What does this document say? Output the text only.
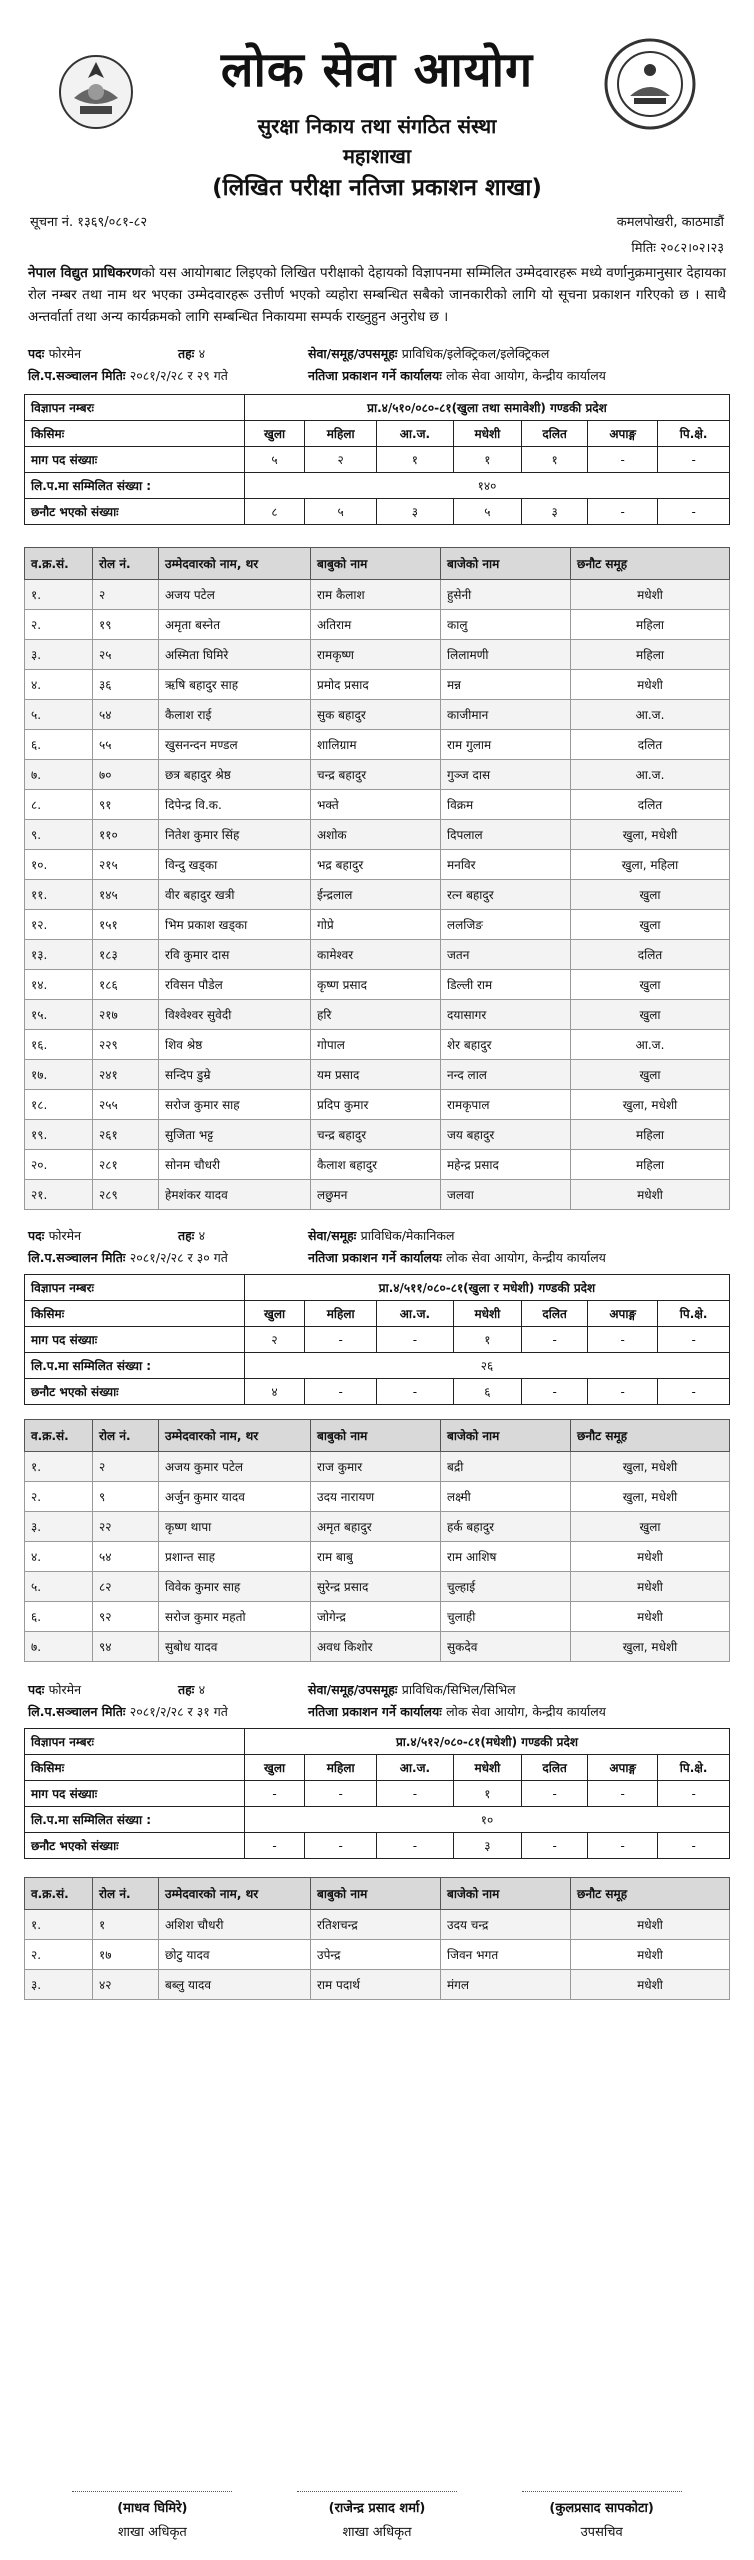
लोक सेवा आयोग
सुरक्षा निकाय तथा संगठित संस्था
महाशाखा
(लिखित परीक्षा नतिजा प्रकाशन शाखा)
सूचना नं. १३६९/०८१-८२	कमलपोखरी, काठमाडौं
मितिः २०८२।०२।२३

नेपाल विद्युत प्राधिकरणको यस आयोगबाट लिइएको लिखित परीक्षाको देहायको विज्ञापनमा सम्मिलित उम्मेदवारहरू मध्ये वर्णानुक्रमानुसार देहायका रोल नम्बर तथा नाम थर भएका उम्मेदवारहरू उत्तीर्ण भएको व्यहोरा सम्बन्धित सबैको जानकारीको लागि यो सूचना प्रकाशन गरिएको छ । साथै अन्तर्वार्ता तथा अन्य कार्यक्रमको लागि सम्बन्धित निकायमा सम्पर्क राख्नुहुन अनुरोध छ ।

पदः फोरमेन	तहः ४	सेवा/समूह/उपसमूहः प्राविधिक/इलेक्ट्रिकल/इलेक्ट्रिकल
लि.प.सञ्चालन मितिः २०८१/२/२८ र २९ गते	नतिजा प्रकाशन गर्ने कार्यालयः लोक सेवा आयोग, केन्द्रीय कार्यालय
विज्ञापन नम्बरः	प्रा.४/५१०/०८०-८१(खुला तथा समावेशी) गण्डकी प्रदेश						
किसिमः	खुला	महिला	आ.ज.	मधेशी	दलित	अपाङ्ग	पि.क्षे.
माग पद संख्याः	५	२	१	१	१	-	-
लि.प.मा सम्मिलित संख्या :	१४०						
छनौट भएको संख्याः	८	५	३	५	३	-	-
व.क्र.सं.	रोल नं.	उम्मेदवारको नाम, थर	बाबुको नाम	बाजेको नाम	छनौट समूह
१.	२	अजय पटेल	राम कैलाश	हुसेनी	मधेशी
२.	१९	अमृता बस्नेत	अतिराम	कालु	महिला
३.	२५	अस्मिता घिमिरे	रामकृष्ण	लिलामणी	महिला
४.	३६	ऋषि बहादुर साह	प्रमोद प्रसाद	मन्न	मधेशी
५.	५४	कैलाश राई	सुक बहादुर	काजीमान	आ.ज.
६.	५५	खुसनन्दन मण्डल	शालिग्राम	राम गुलाम	दलित
७.	७०	छत्र बहादुर श्रेष्ठ	चन्द्र बहादुर	गुञ्ज दास	आ.ज.
८.	९१	दिपेन्द्र वि.क.	भक्ते	विक्रम	दलित
९.	११०	नितेश कुमार सिंह	अशोक	दिपलाल	खुला, मधेशी
१०.	२१५	विन्दु खड्का	भद्र बहादुर	मनविर	खुला, महिला
११.	१४५	वीर बहादुर खत्री	ईन्द्रलाल	रत्न बहादुर	खुला
१२.	१५१	भिम प्रकाश खड्का	गोप्रे	ललजिङ	खुला
१३.	१८३	रवि कुमार दास	कामेश्वर	जतन	दलित
१४.	१८६	रविसन पौडेल	कृष्ण प्रसाद	डिल्ली राम	खुला
१५.	२१७	विश्वेश्वर सुवेदी	हरि	दयासागर	खुला
१६.	२२९	शिव श्रेष्ठ	गोपाल	शेर बहादुर	आ.ज.
१७.	२४१	सन्दिप डुम्रे	यम प्रसाद	नन्द लाल	खुला
१८.	२५५	सरोज कुमार साह	प्रदिप कुमार	रामकृपाल	खुला, मधेशी
१९.	२६१	सुजिता भट्ट	चन्द्र बहादुर	जय बहादुर	महिला
२०.	२८१	सोनम चौधरी	कैलाश बहादुर	महेन्द्र प्रसाद	महिला
२१.	२८९	हेमशंकर यादव	लछुमन	जलवा	मधेशी
पदः फोरमेन	तहः ४	सेवा/समूहः प्राविधिक/मेकानिकल
लि.प.सञ्चालन मितिः २०८१/२/२८ र ३० गते	नतिजा प्रकाशन गर्ने कार्यालयः लोक सेवा आयोग, केन्द्रीय कार्यालय
विज्ञापन नम्बरः	प्रा.४/५११/०८०-८१(खुला र मधेशी) गण्डकी प्रदेश						
किसिमः	खुला	महिला	आ.ज.	मधेशी	दलित	अपाङ्ग	पि.क्षे.
माग पद संख्याः	२	-	-	१	-	-	-
लि.प.मा सम्मिलित संख्या :	२६						
छनौट भएको संख्याः	४	-	-	६	-	-	-
व.क्र.सं.	रोल नं.	उम्मेदवारको नाम, थर	बाबुको नाम	बाजेको नाम	छनौट समूह
१.	२	अजय कुमार पटेल	राज कुमार	बद्री	खुला, मधेशी
२.	९	अर्जुन कुमार यादव	उदय नारायण	लक्ष्मी	खुला, मधेशी
३.	२२	कृष्ण थापा	अमृत बहादुर	हर्क बहादुर	खुला
४.	५४	प्रशान्त साह	राम बाबु	राम आशिष	मधेशी
५.	८२	विवेक कुमार साह	सुरेन्द्र प्रसाद	चुल्हाई	मधेशी
६.	९२	सरोज कुमार महतो	जोगेन्द्र	चुलाही	मधेशी
७.	९४	सुबोध यादव	अवध किशोर	सुकदेव	खुला, मधेशी
पदः फोरमेन	तहः ४	सेवा/समूह/उपसमूहः प्राविधिक/सिभिल/सिभिल
लि.प.सञ्चालन मितिः २०८१/२/२८ र ३१ गते	नतिजा प्रकाशन गर्ने कार्यालयः लोक सेवा आयोग, केन्द्रीय कार्यालय
विज्ञापन नम्बरः	प्रा.४/५१२/०८०-८१(मधेशी) गण्डकी प्रदेश						
किसिमः	खुला	महिला	आ.ज.	मधेशी	दलित	अपाङ्ग	पि.क्षे.
माग पद संख्याः	-	-	-	१	-	-	-
लि.प.मा सम्मिलित संख्या :	१०						
छनौट भएको संख्याः	-	-	-	३	-	-	-
व.क्र.सं.	रोल नं.	उम्मेदवारको नाम, थर	बाबुको नाम	बाजेको नाम	छनौट समूह
१.	१	अशिश चौधरी	रतिशचन्द्र	उदय चन्द्र	मधेशी
२.	१७	छोटु यादव	उपेन्द्र	जिवन भगत	मधेशी
३.	४२	बब्लु यादव	राम पदार्थ	मंगल	मधेशी
(माधव घिमिरे)
शाखा अधिकृत
(राजेन्द्र प्रसाद शर्मा)
शाखा अधिकृत
(कुलप्रसाद सापकोटा)
उपसचिव
